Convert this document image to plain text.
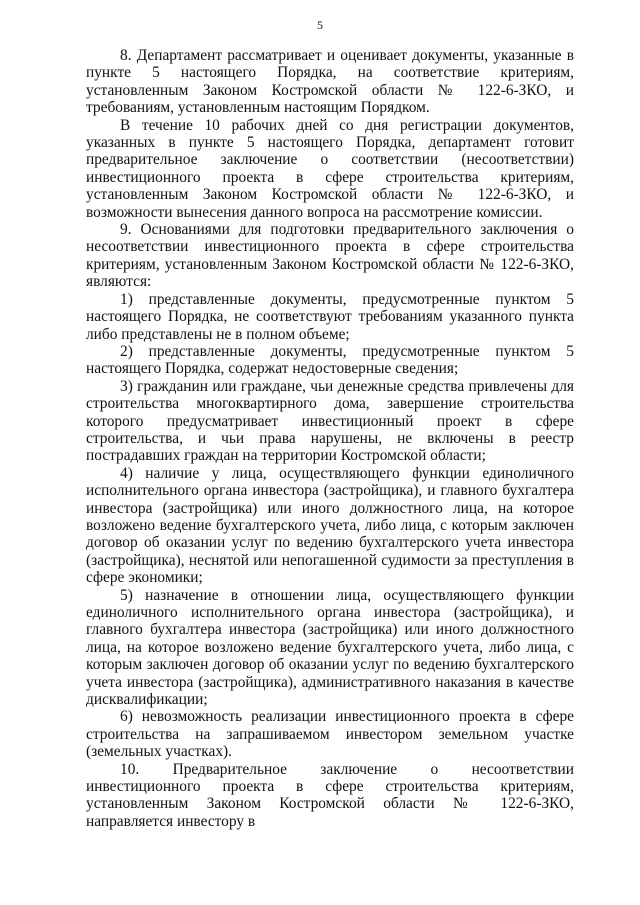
5

8. Департамент рассматривает и оценивает документы, указанные в пункте 5 настоящего Порядка, на соответствие критериям, установленным Законом Костромской области № 122-6-ЗКО, и требованиям, установленным настоящим Порядком.

В течение 10 рабочих дней со дня регистрации документов, указанных в пункте 5 настоящего Порядка, департамент готовит предварительное заключение о соответствии (несоответствии) инвестиционного проекта в сфере строительства критериям, установленным Законом Костромской области № 122-6-ЗКО, и возможности вынесения данного вопроса на рассмотрение комиссии.

9. Основаниями для подготовки предварительного заключения о несоответствии инвестиционного проекта в сфере строительства критериям, установленным Законом Костромской области № 122-6-ЗКО, являются:

1) представленные документы, предусмотренные пунктом 5 настоящего Порядка, не соответствуют требованиям указанного пункта либо представлены не в полном объеме;

2) представленные документы, предусмотренные пунктом 5 настоящего Порядка, содержат недостоверные сведения;

3) гражданин или граждане, чьи денежные средства привлечены для строительства многоквартирного дома, завершение строительства которого предусматривает инвестиционный проект в сфере строительства, и чьи права нарушены, не включены в реестр пострадавших граждан на территории Костромской области;

4) наличие у лица, осуществляющего функции единоличного исполнительного органа инвестора (застройщика), и главного бухгалтера инвестора (застройщика) или иного должностного лица, на которое возложено ведение бухгалтерского учета, либо лица, с которым заключен договор об оказании услуг по ведению бухгалтерского учета инвестора (застройщика), неснятой или непогашенной судимости за преступления в сфере экономики;

5) назначение в отношении лица, осуществляющего функции единоличного исполнительного органа инвестора (застройщика), и главного бухгалтера инвестора (застройщика) или иного должностного лица, на которое возложено ведение бухгалтерского учета, либо лица, с которым заключен договор об оказании услуг по ведению бухгалтерского учета инвестора (застройщика), административного наказания в качестве дисквалификации;

6) невозможность реализации инвестиционного проекта в сфере строительства на запрашиваемом инвестором земельном участке (земельных участках).

10. Предварительное заключение о несоответствии инвестиционного проекта в сфере строительства критериям, установленным Законом Костромской области № 122-6-ЗКО, направляется инвестору в
